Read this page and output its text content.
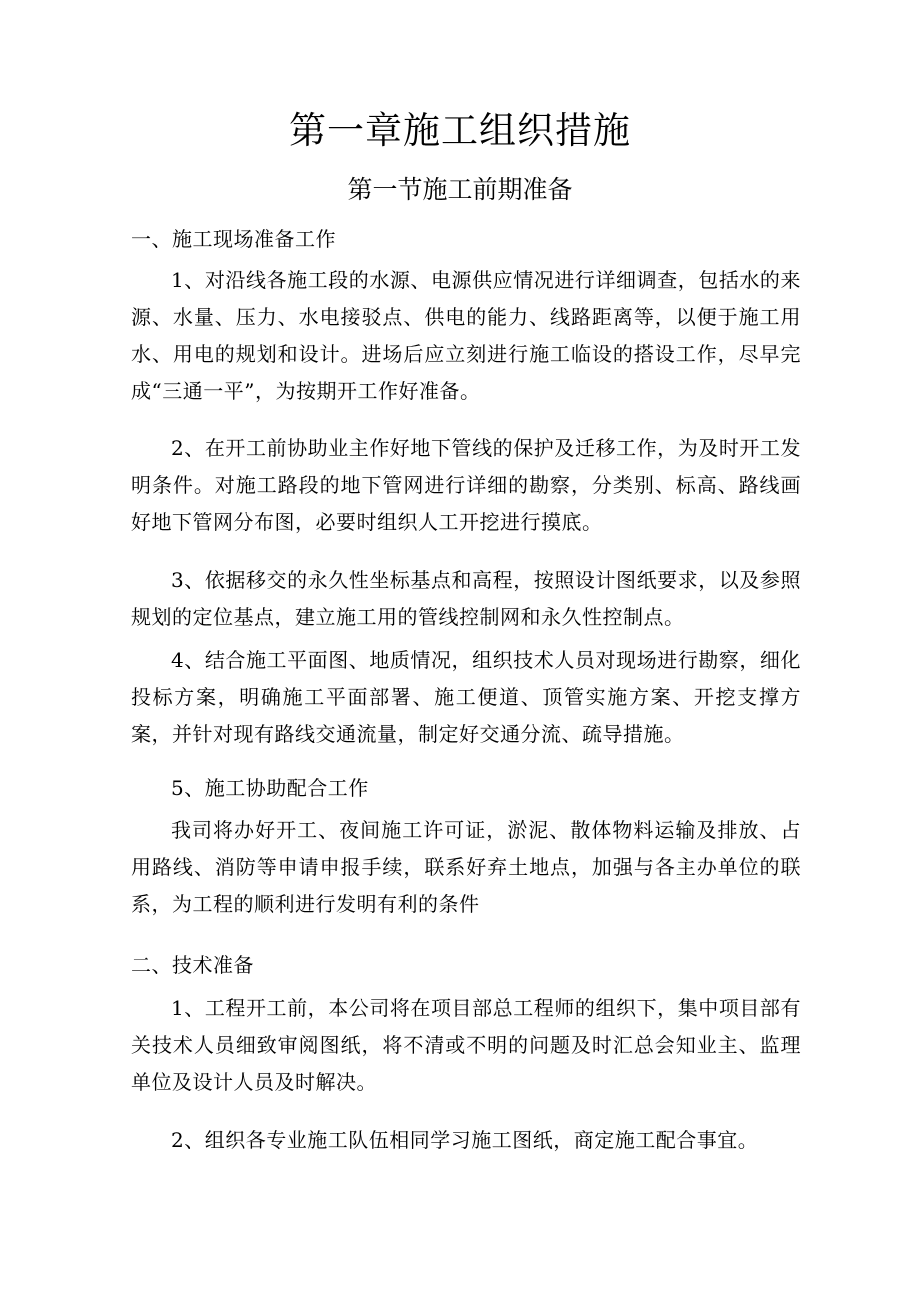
第一章施工组织措施
第一节施工前期准备

一、施工现场准备工作

1、对沿线各施工段的水源、电源供应情况进行详细调查，包括水的来源、水量、压力、水电接驳点、供电的能力、线路距离等，以便于施工用水、用电的规划和设计。进场后应立刻进行施工临设的搭设工作，尽早完成“三通一平”，为按期开工作好准备。

2、在开工前协助业主作好地下管线的保护及迁移工作，为及时开工发明条件。对施工路段的地下管网进行详细的勘察，分类别、标高、路线画好地下管网分布图，必要时组织人工开挖进行摸底。

3、依据移交的永久性坐标基点和高程，按照设计图纸要求，以及参照规划的定位基点，建立施工用的管线控制网和永久性控制点。

4、结合施工平面图、地质情况，组织技术人员对现场进行勘察，细化投标方案，明确施工平面部署、施工便道、顶管实施方案、开挖支撑方案，并针对现有路线交通流量，制定好交通分流、疏导措施。

5、施工协助配合工作

我司将办好开工、夜间施工许可证，淤泥、散体物料运输及排放、占用路线、消防等申请申报手续，联系好弃土地点，加强与各主办单位的联系，为工程的顺利进行发明有利的条件

二、技术准备

1、工程开工前，本公司将在项目部总工程师的组织下，集中项目部有关技术人员细致审阅图纸，将不清或不明的问题及时汇总会知业主、监理单位及设计人员及时解决。

2、组织各专业施工队伍相同学习施工图纸，商定施工配合事宜。
